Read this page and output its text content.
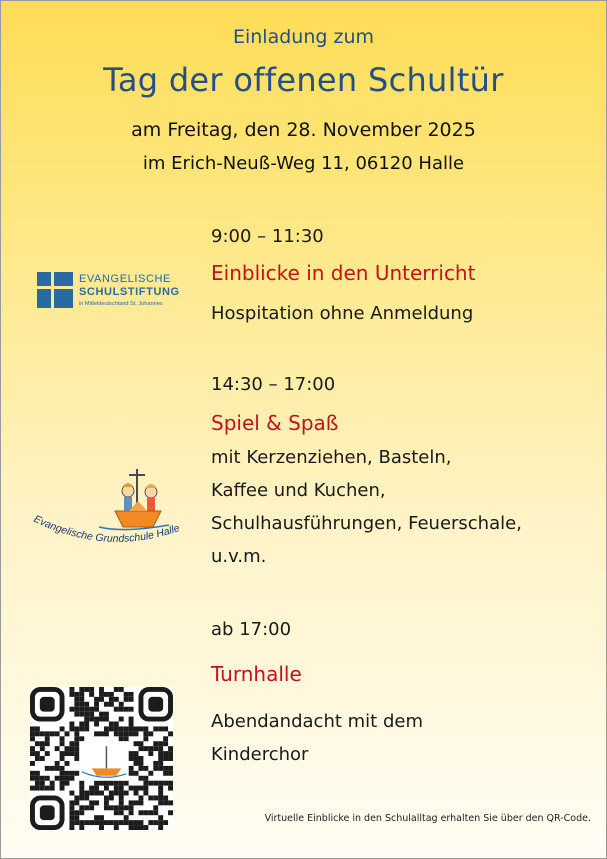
Einladung zum
Tag der offenen Schultür
am Freitag, den 28. November 2025
im Erich-Neuß-Weg 11, 06120 Halle
9:00 – 11:30
Einblicke in den Unterricht
Hospitation ohne Anmeldung
14:30 – 17:00
Spiel & Spaß
mit Kerzenziehen, Basteln,
Kaffee und Kuchen,
Schulhausführungen, Feuerschale,
u.v.m.
ab 17:00
Turnhalle
Abendandacht mit dem
Kinderchor
EVANGELISCHE
SCHULSTIFTUNG
in Mitteldeutschland St. Johannes
Evangelische Grundschule Halle
Virtuelle Einblicke in den Schulalltag erhalten Sie über den QR-Code.
